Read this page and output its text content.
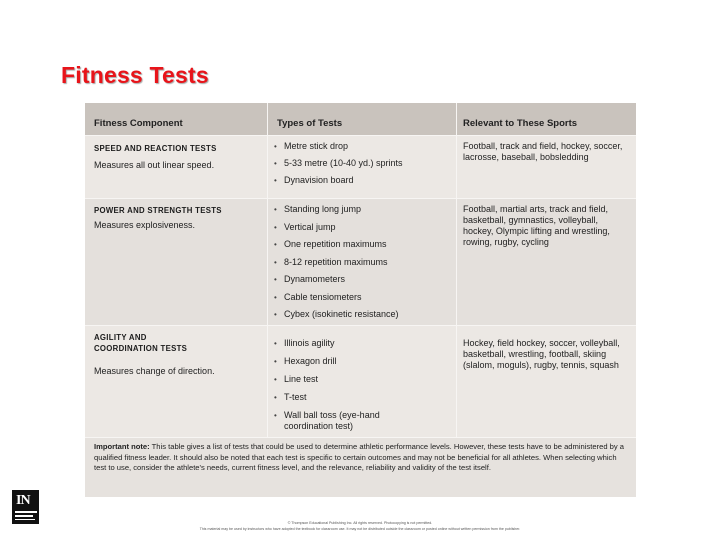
Fitness Tests
Fitness Component	Types of Tests	Relevant to These Sports
SPEED AND REACTION TESTS
Measures all out linear speed.
• Metre stick drop
• 5-33 metre (10-40 yd.) sprints
• Dynavision board
Football, track and field, hockey, soccer, lacrosse, baseball, bobsledding
POWER AND STRENGTH TESTS
Measures explosiveness.
• Standing long jump
• Vertical jump
• One repetition maximums
• 8-12 repetition maximums
• Dynamometers
• Cable tensiometers
• Cybex (isokinetic resistance)
Football, martial arts, track and field, basketball, gymnastics, volleyball, hockey, Olympic lifting and wrestling, rowing, rugby, cycling
AGILITY AND COORDINATION TESTS
Measures change of direction.
• Illinois agility
• Hexagon drill
• Line test
• T-test
• Wall ball toss (eye-hand coordination test)
Hockey, field hockey, soccer, volleyball, basketball, wrestling, football, skiing (slalom, moguls), rugby, tennis, squash
Important note: This table gives a list of tests that could be used to determine athletic performance levels. However, these tests have to be administered by a qualified fitness leader. It should also be noted that each test is specific to certain outcomes and may not be beneficial for all athletes. When selecting which test to use, consider the athlete's needs, current fitness level, and the relevance, reliability and validity of the test itself.
IN
© Thompson Educational Publishing Inc. All rights reserved. Photocopying is not permitted.
This material may be used by instructors who have adopted the textbook for classroom use. It may not be distributed outside the classroom or posted online without written permission from the publisher.
